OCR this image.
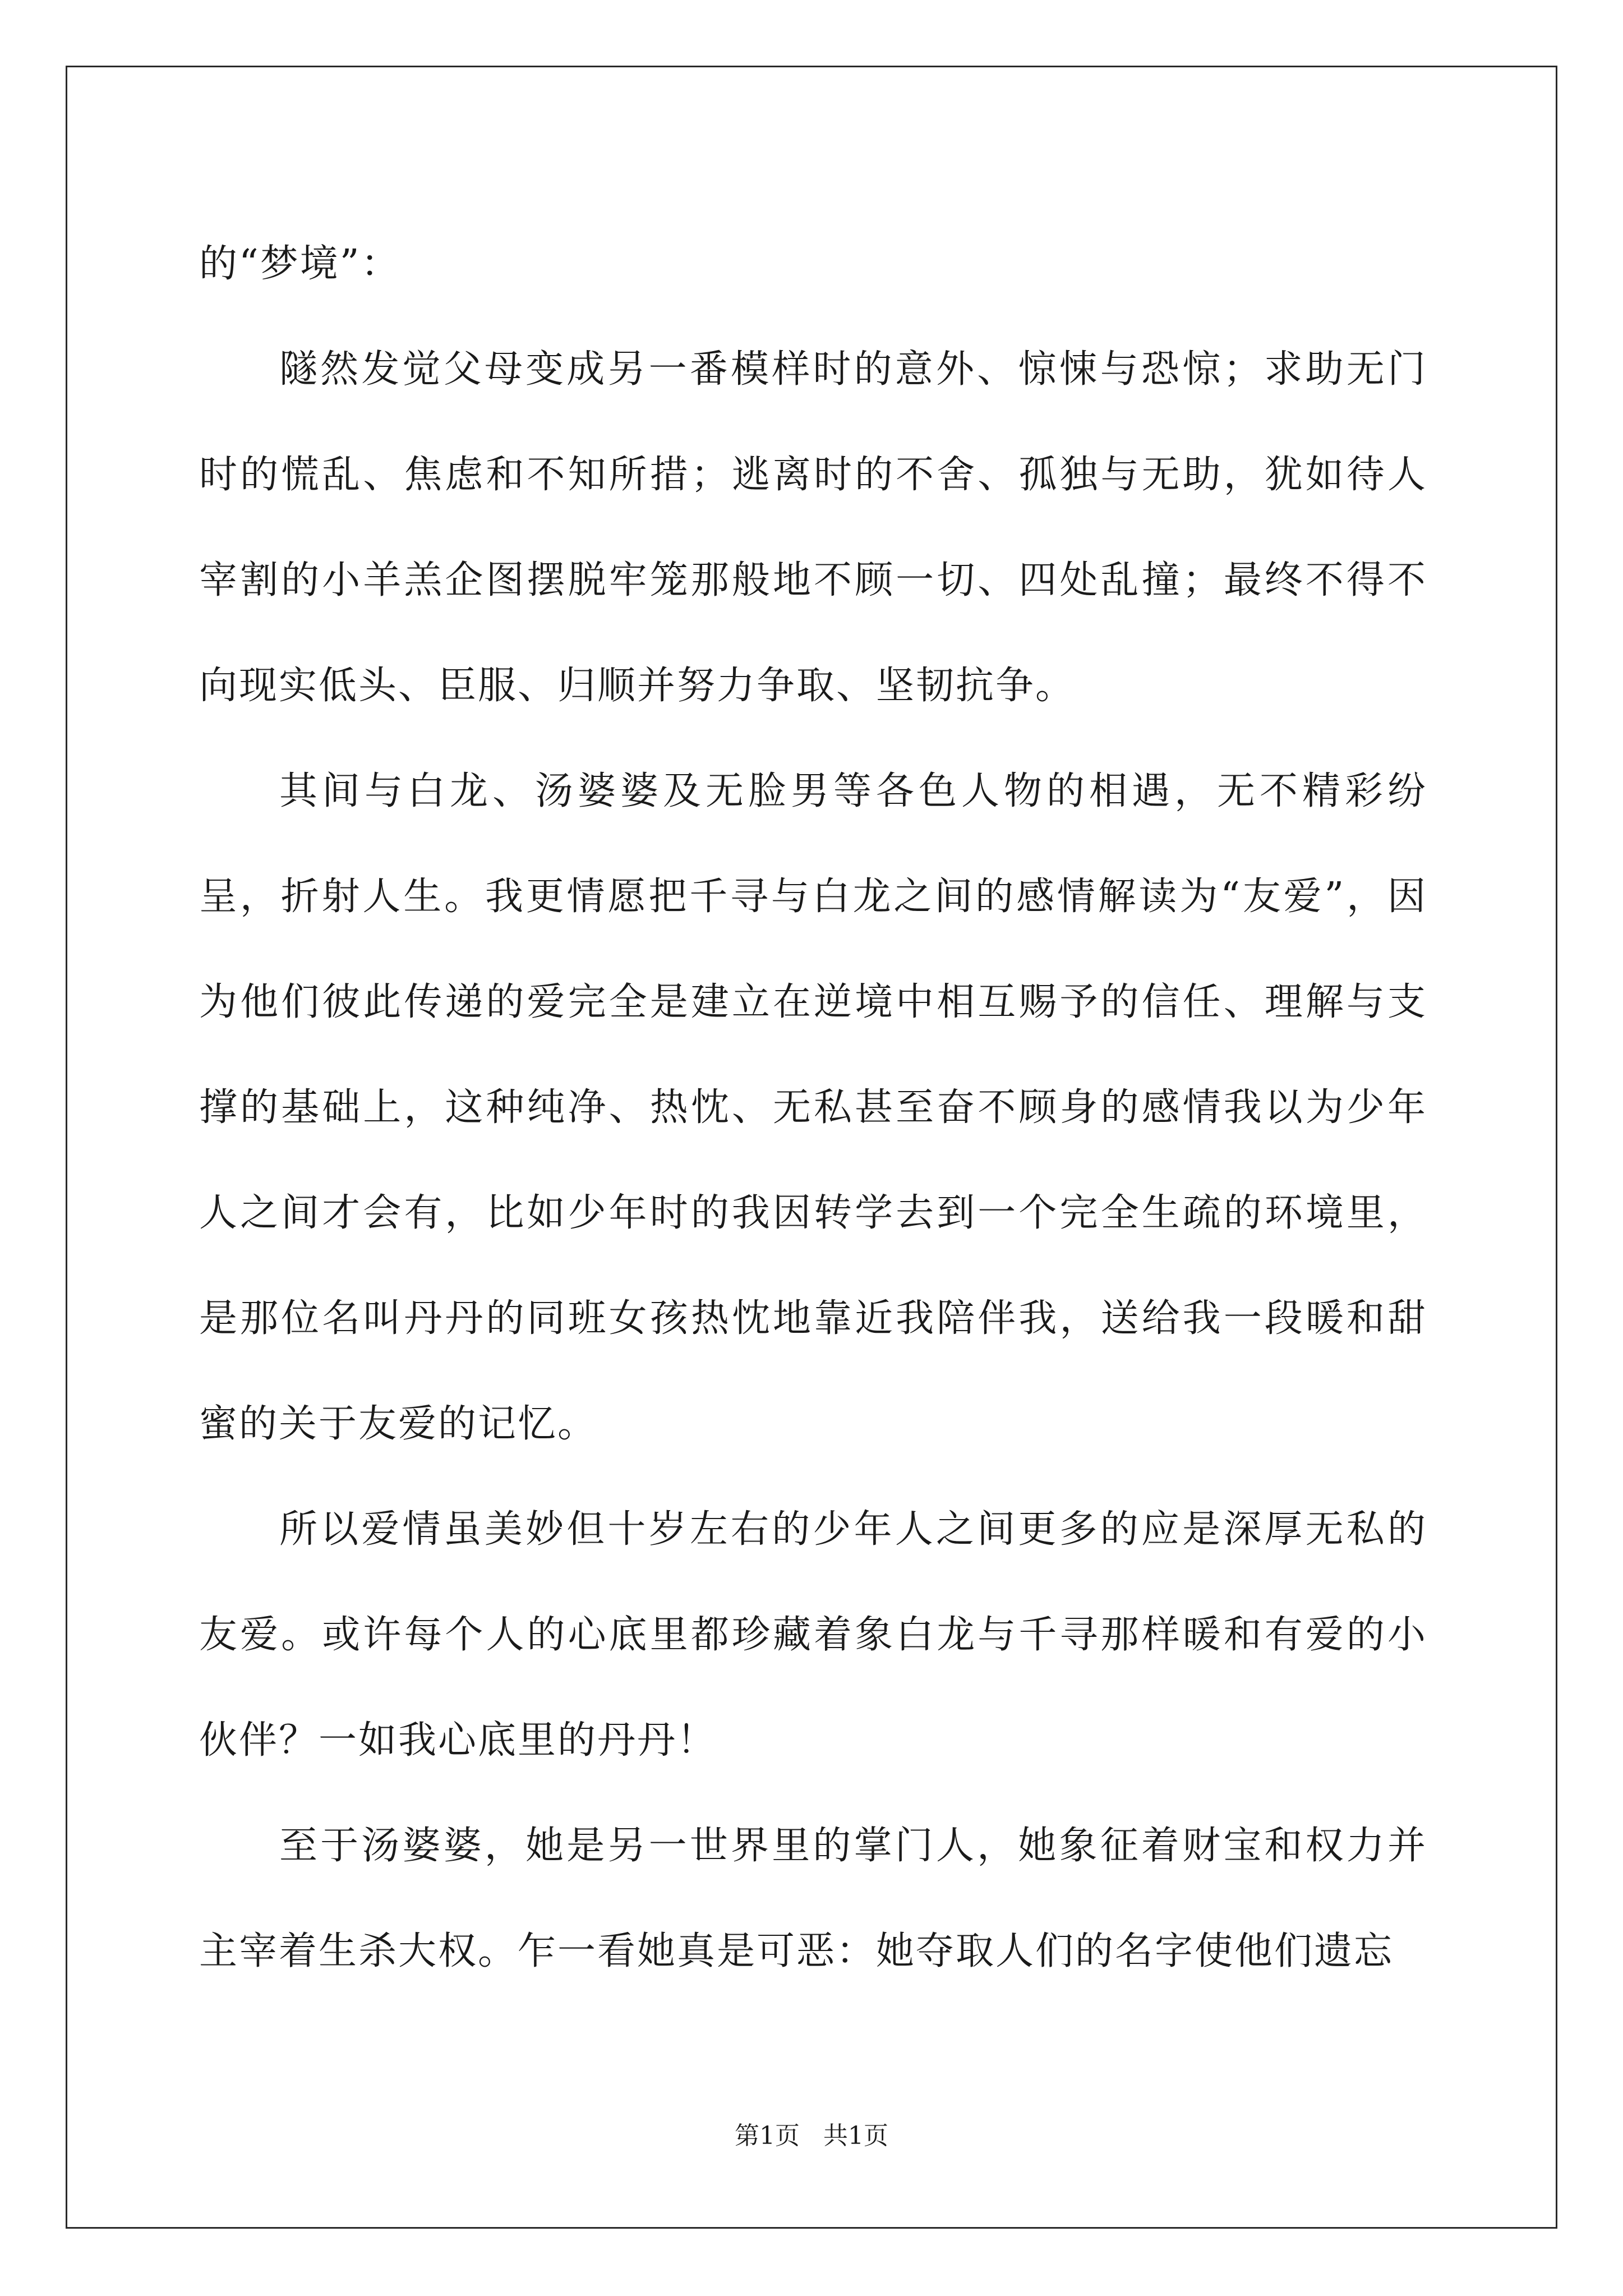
的“梦境”：

隧然发觉父母变成另一番模样时的意外、惊悚与恐惊；求助无门时的慌乱、焦虑和不知所措；逃离时的不舍、孤独与无助，犹如待人宰割的小羊羔企图摆脱牢笼那般地不顾一切、四处乱撞；最终不得不向现实低头、臣服、归顺并努力争取、坚韧抗争。

其间与白龙、汤婆婆及无脸男等各色人物的相遇，无不精彩纷呈，折射人生。我更情愿把千寻与白龙之间的感情解读为“友爱”，因为他们彼此传递的爱完全是建立在逆境中相互赐予的信任、理解与支撑的基础上，这种纯净、热忱、无私甚至奋不顾身的感情我以为少年人之间才会有，比如少年时的我因转学去到一个完全生疏的环境里，是那位名叫丹丹的同班女孩热忱地靠近我陪伴我，送给我一段暖和甜蜜的关于友爱的记忆。

所以爱情虽美妙但十岁左右的少年人之间更多的应是深厚无私的友爱。或许每个人的心底里都珍藏着象白龙与千寻那样暖和有爱的小伙伴？一如我心底里的丹丹！

至于汤婆婆，她是另一世界里的掌门人，她象征着财宝和权力并主宰着生杀大权。乍一看她真是可恶：她夺取人们的名字使他们遗忘

第1页   共1页
